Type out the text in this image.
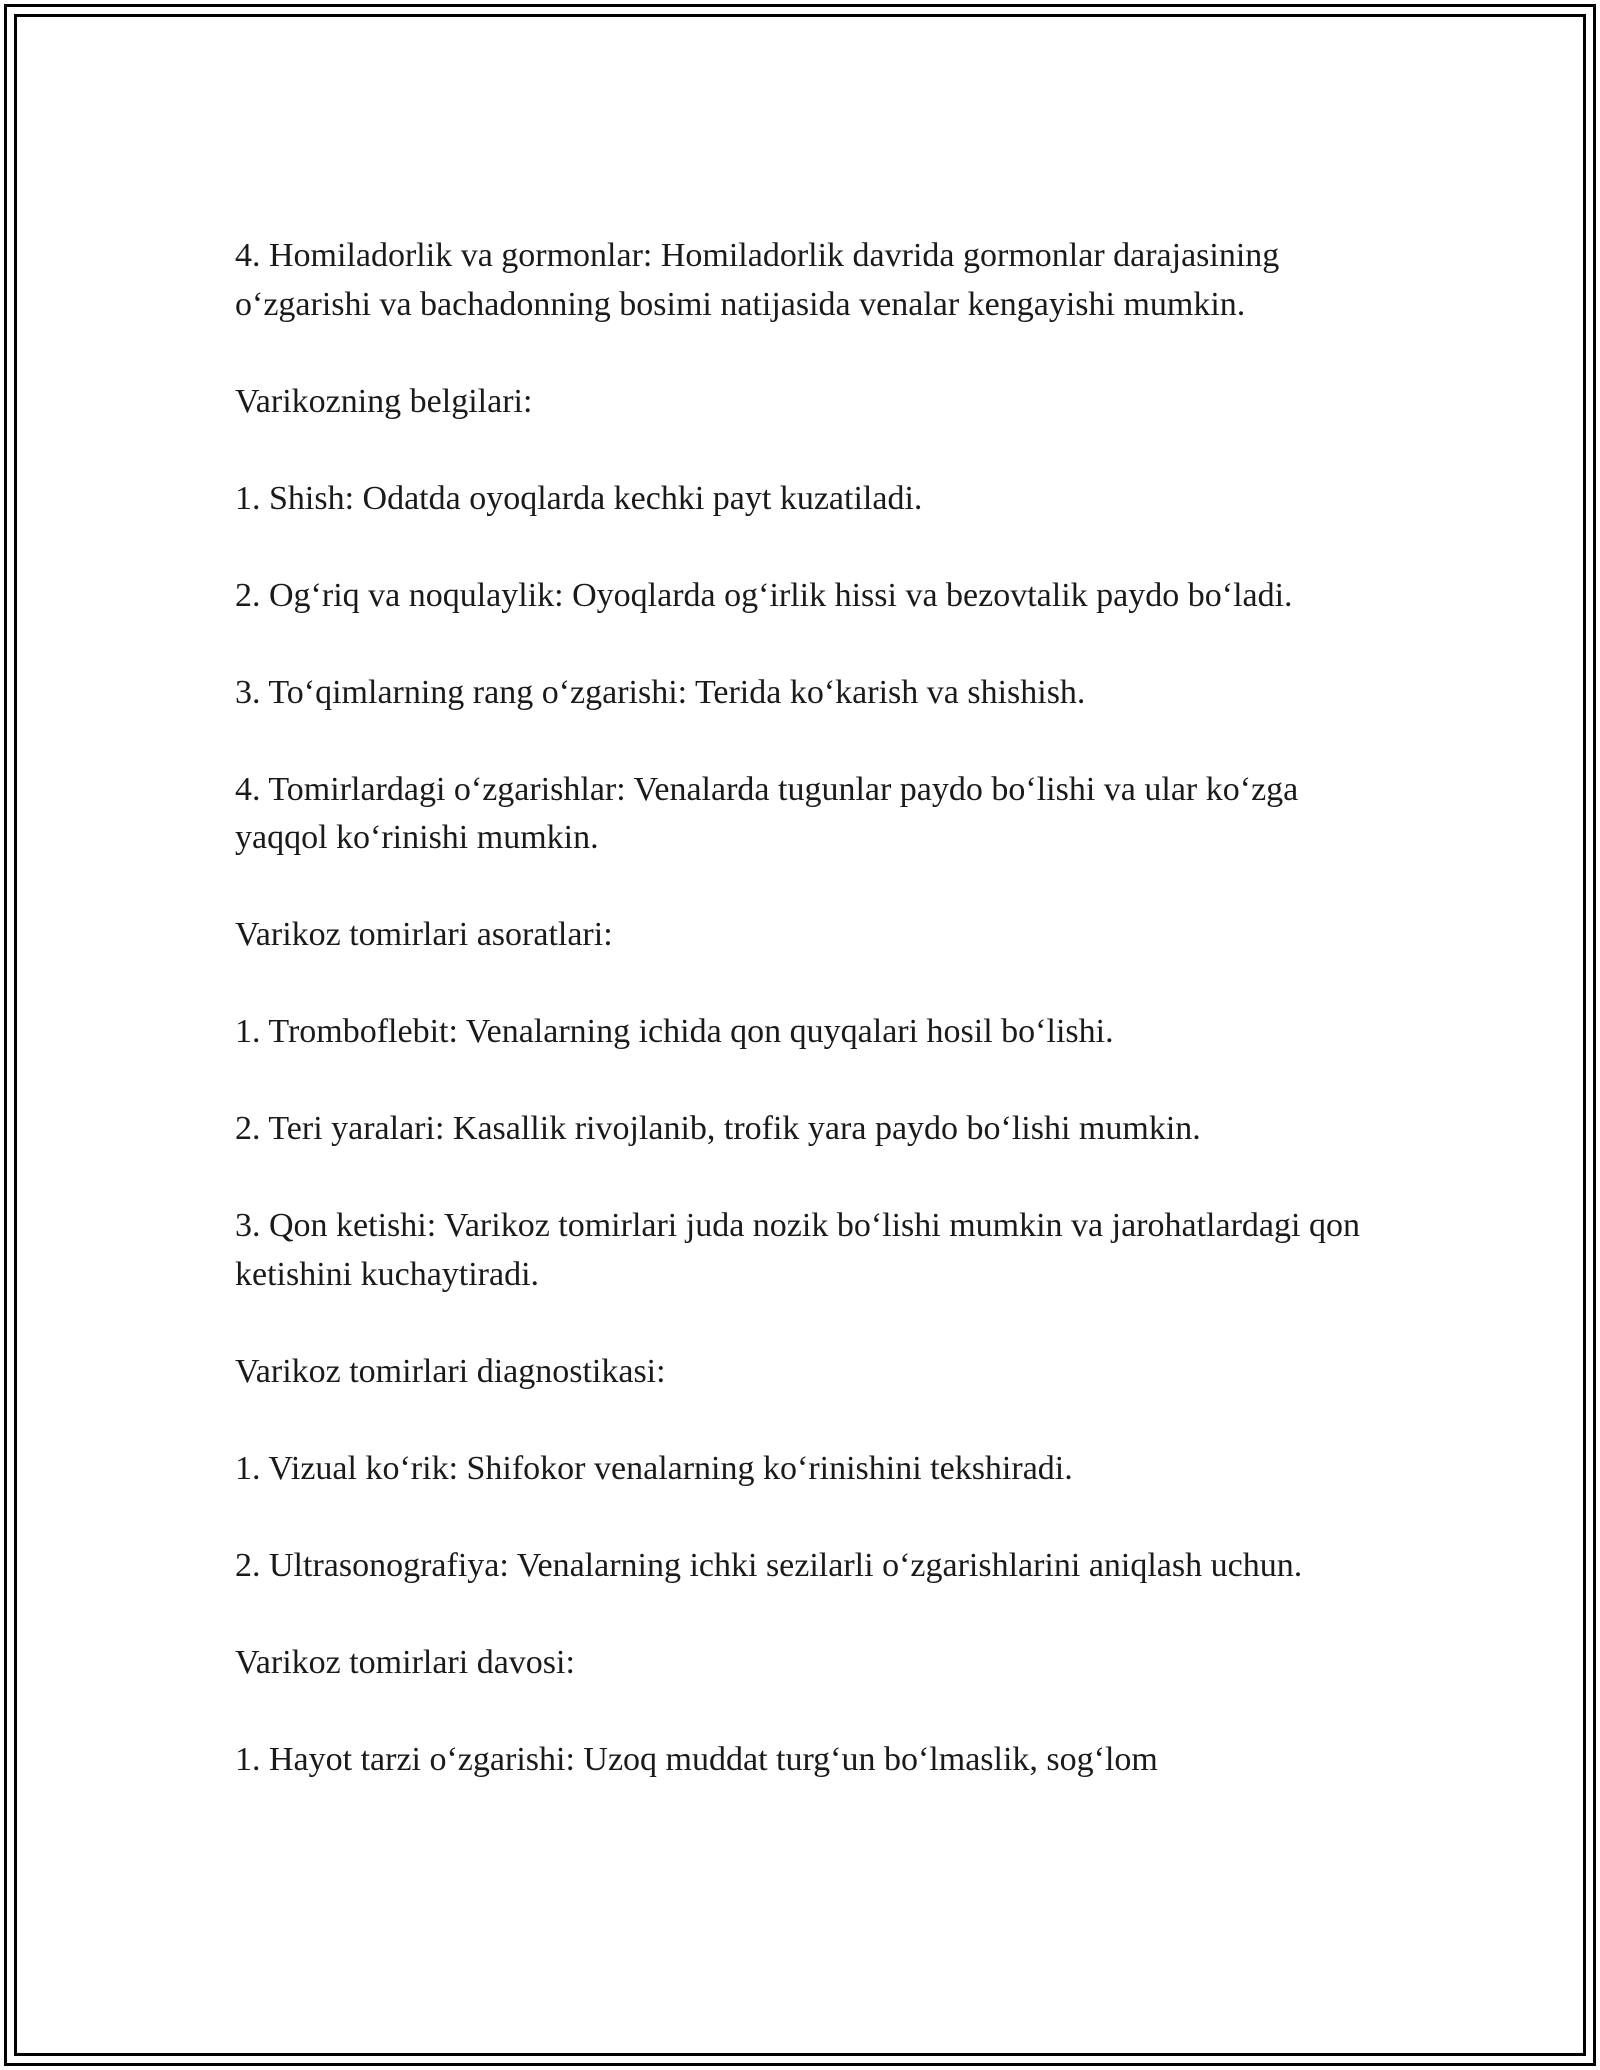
4. Homiladorlik va gormonlar: Homiladorlik davrida gormonlar darajasining o‘zgarishi va bachadonning bosimi natijasida venalar kengayishi mumkin.

Varikozning belgilari:

1. Shish: Odatda oyoqlarda kechki payt kuzatiladi.

2. Og‘riq va noqulaylik: Oyoqlarda og‘irlik hissi va bezovtalik paydo bo‘ladi.

3. To‘qimlarning rang o‘zgarishi: Terida ko‘karish va shishish.

4. Tomirlardagi o‘zgarishlar: Venalarda tugunlar paydo bo‘lishi va ular ko‘zga yaqqol ko‘rinishi mumkin.

Varikoz tomirlari asoratlari:

1. Tromboflebit: Venalarning ichida qon quyqalari hosil bo‘lishi.

2. Teri yaralari: Kasallik rivojlanib, trofik yara paydo bo‘lishi mumkin.

3. Qon ketishi: Varikoz tomirlari juda nozik bo‘lishi mumkin va jarohatlardagi qon ketishini kuchaytiradi.

Varikoz tomirlari diagnostikasi:

1. Vizual ko‘rik: Shifokor venalarning ko‘rinishini tekshiradi.

2. Ultrasonografiya: Venalarning ichki sezilarli o‘zgarishlarini aniqlash uchun.

Varikoz tomirlari davosi:

1. Hayot tarzi o‘zgarishi: Uzoq muddat turg‘un bo‘lmaslik, sog‘lom
